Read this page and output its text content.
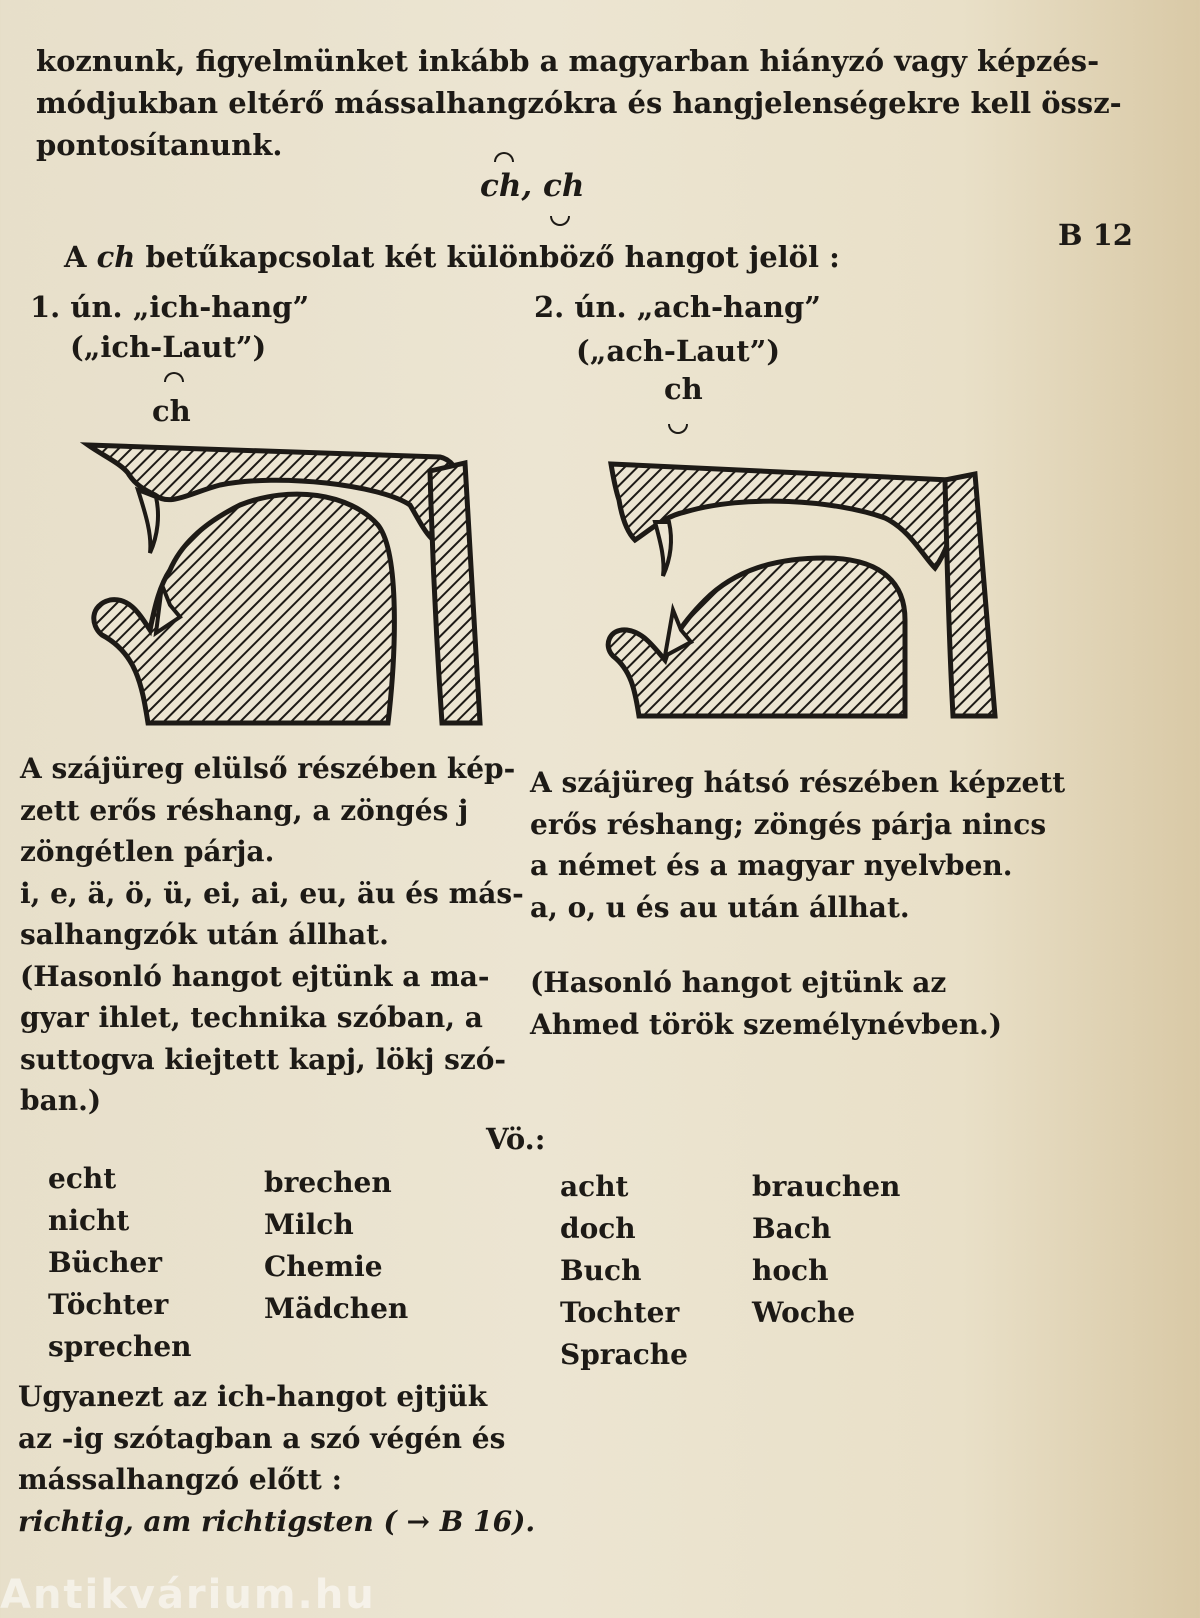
koznunk, figyelmünket inkább a magyarban hiányzó vagy képzés-
módjukban eltérő mássalhangzókra és hangjelenségekre kell össz-
pontosítanunk.
ch, ch
B 12
A ch betűkapcsolat két különböző hangot jelöl :
1. ún. „ich-hang”
(„ich-Laut”)
ch
2. ún. „ach-hang”
(„ach-Laut”)
ch
A szájüreg elülső részében kép-
zett erős réshang, a zöngés j
zöngétlen párja.
i, e, ä, ö, ü, ei, ai, eu, äu és más-
salhangzók után állhat.
(Hasonló hangot ejtünk a ma-
gyar ihlet, technika szóban, a
suttogva kiejtett kapj, lökj szó-
ban.)
A szájüreg hátsó részében képzett
erős réshang; zöngés párja nincs
a német és a magyar nyelvben.
a, o, u és au után állhat.
(Hasonló hangot ejtünk az
Ahmed török személynévben.)
Vö.:
echt
nicht
Bücher
Töchter
sprechen
brechen
Milch
Chemie
Mädchen
acht
doch
Buch
Tochter
Sprache
brauchen
Bach
hoch
Woche
Ugyanezt az ich-hangot ejtjük
az -ig szótagban a szó végén és
mássalhangzó előtt :
richtig, am richtigsten ( → B 16).
Antikvárium.hu
